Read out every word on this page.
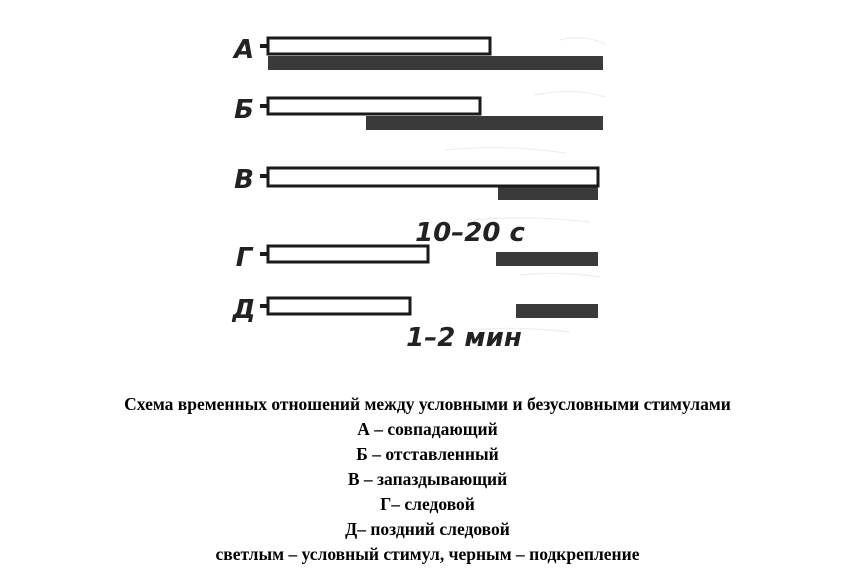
А
Б
В
Г
Д
10–20 с
1–2 мин
Схема временных отношений между условными и безусловными стимулами
А – совпадающий
Б – отставленный
В – запаздывающий
Г– следовой
Д– поздний следовой
светлым – условный стимул, черным – подкрепление
